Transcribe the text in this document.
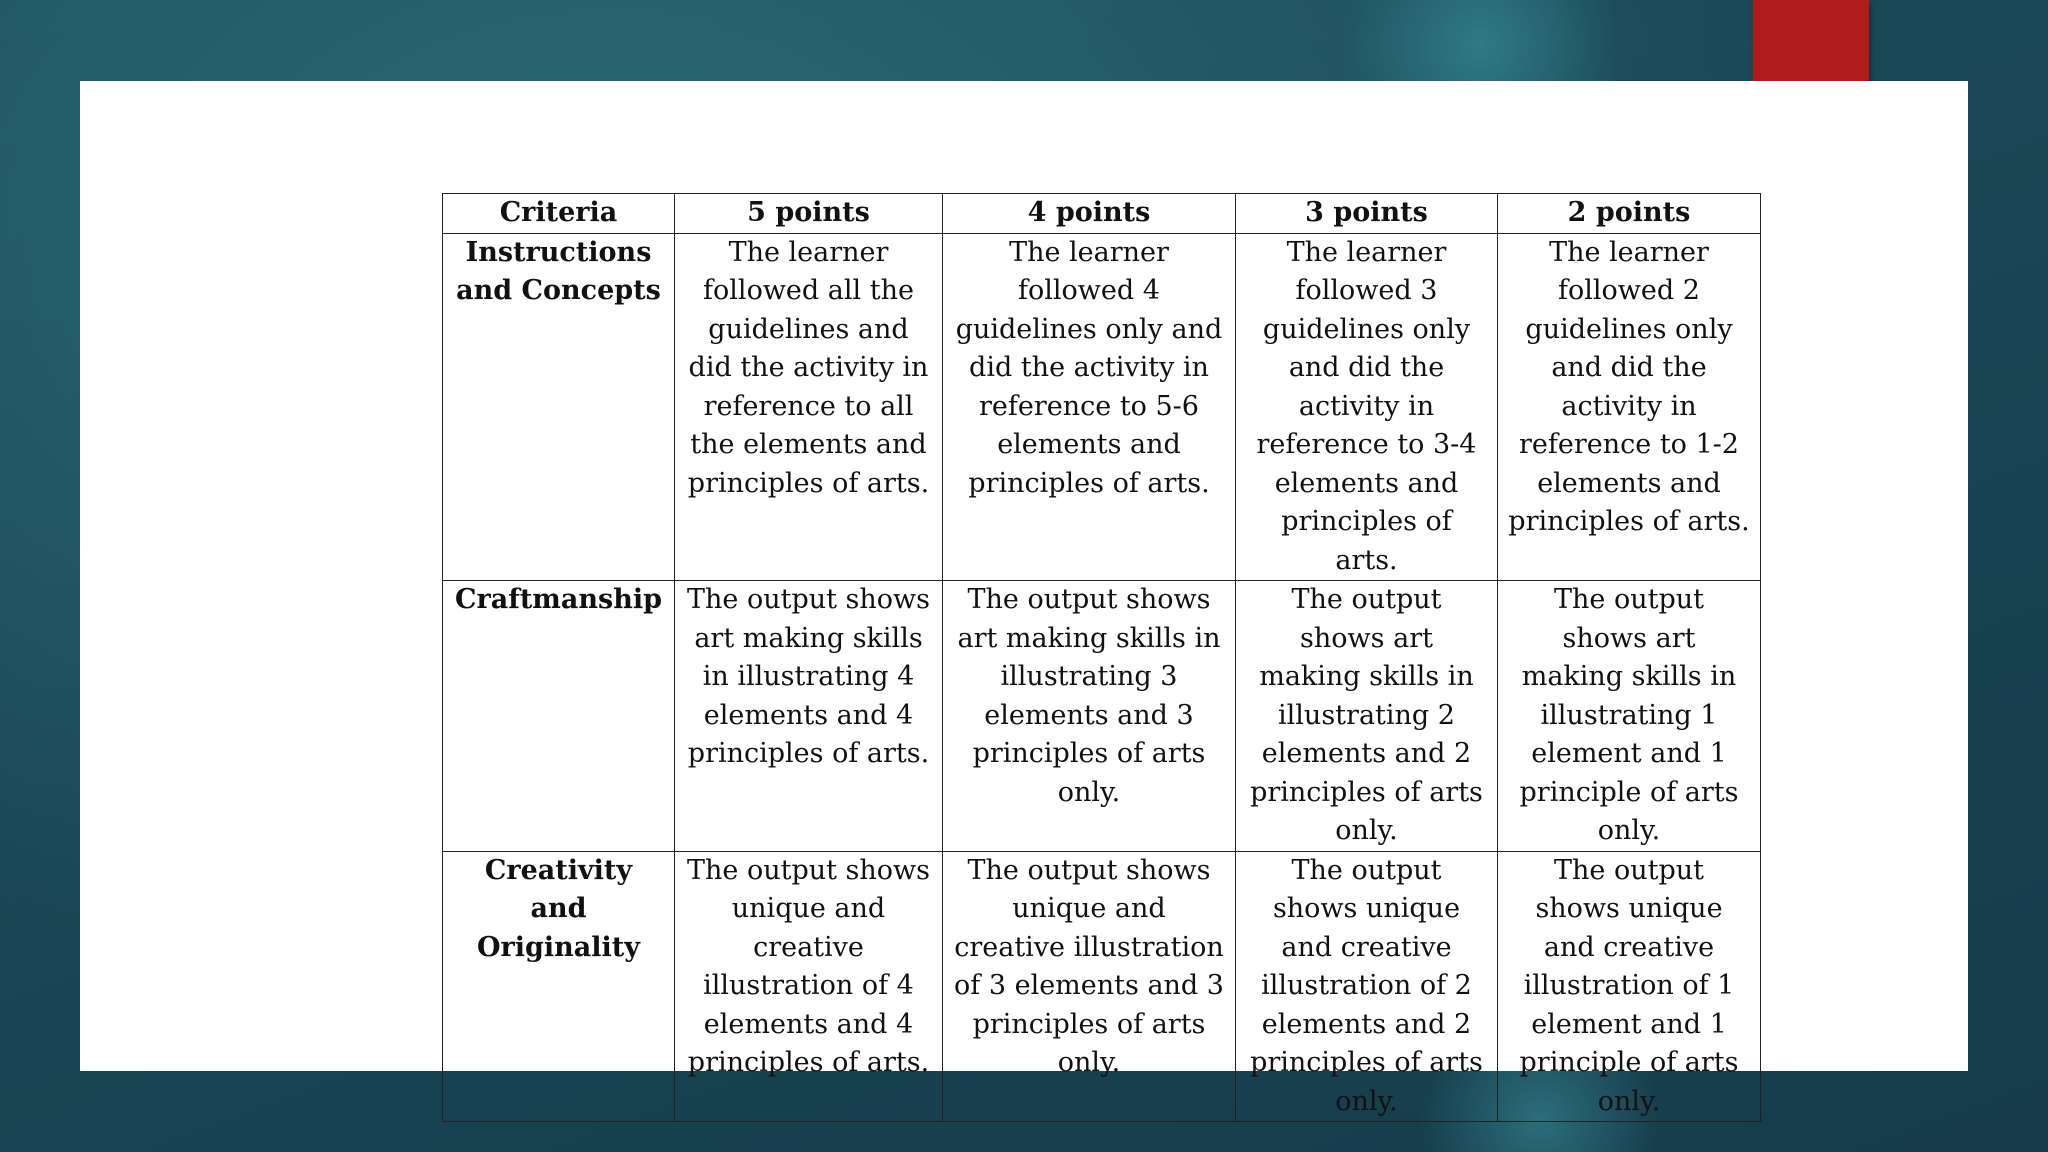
Criteria	5 points	4 points	3 points	2 points
Instructions and Concepts	The learner followed all the guidelines and did the activity in reference to all the elements and principles of arts.	The learner followed 4 guidelines only and did the activity in reference to 5-6 elements and principles of arts.	The learner followed 3 guidelines only and did the activity in reference to 3-4 elements and principles of arts.	The learner followed 2 guidelines only and did the activity in reference to 1-2 elements and principles of arts.
Craftmanship	The output shows art making skills in illustrating 4 elements and 4 principles of arts.	The output shows art making skills in illustrating 3 elements and 3 principles of arts only.	The output shows art making skills in illustrating 2 elements and 2 principles of arts only.	The output shows art making skills in illustrating 1 element and 1 principle of arts only.
Creativity and Originality	The output shows unique and creative illustration of 4 elements and 4 principles of arts.	The output shows unique and creative illustration of 3 elements and 3 principles of arts only.	The output shows unique and creative illustration of 2 elements and 2 principles of arts only.	The output shows unique and creative illustration of 1 element and 1 principle of arts only.
